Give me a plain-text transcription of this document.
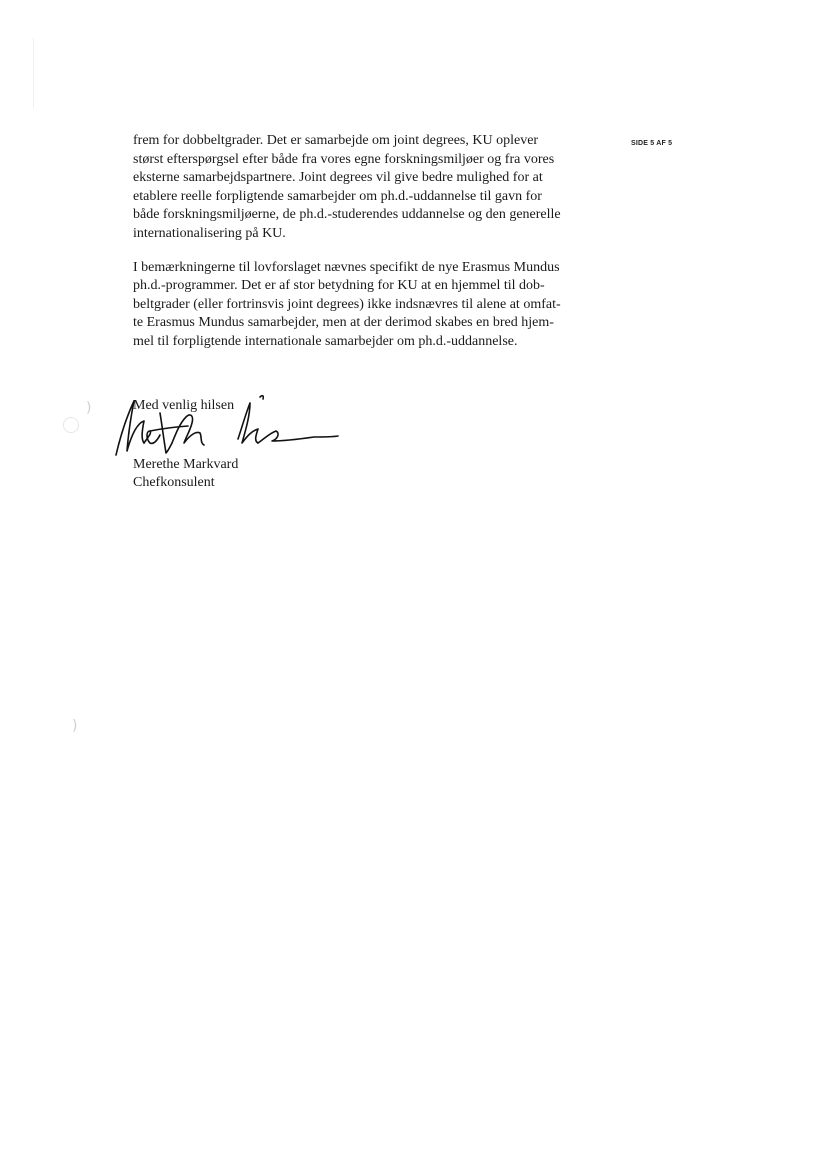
SIDE 5 AF 5
frem for dobbeltgrader. Det er samarbejde om joint degrees, KU oplever
størst efterspørgsel efter både fra vores egne forskningsmiljøer og fra vores
eksterne samarbejdspartnere. Joint degrees vil give bedre mulighed for at
etablere reelle forpligtende samarbejder om ph.d.-uddannelse til gavn for
både forskningsmiljøerne, de ph.d.-studerendes uddannelse og den generelle
internationalisering på KU.
I bemærkningerne til lovforslaget nævnes specifikt de nye Erasmus Mundus
ph.d.-programmer. Det er af stor betydning for KU at en hjemmel til dob-
beltgrader (eller fortrinsvis joint degrees) ikke indsnævres til alene at omfat-
te Erasmus Mundus samarbejder, men at der derimod skabes en bred hjem-
mel til forpligtende internationale samarbejder om ph.d.-uddannelse.
Med venlig hilsen
Merethe Markvard
Chefkonsulent
)
)
